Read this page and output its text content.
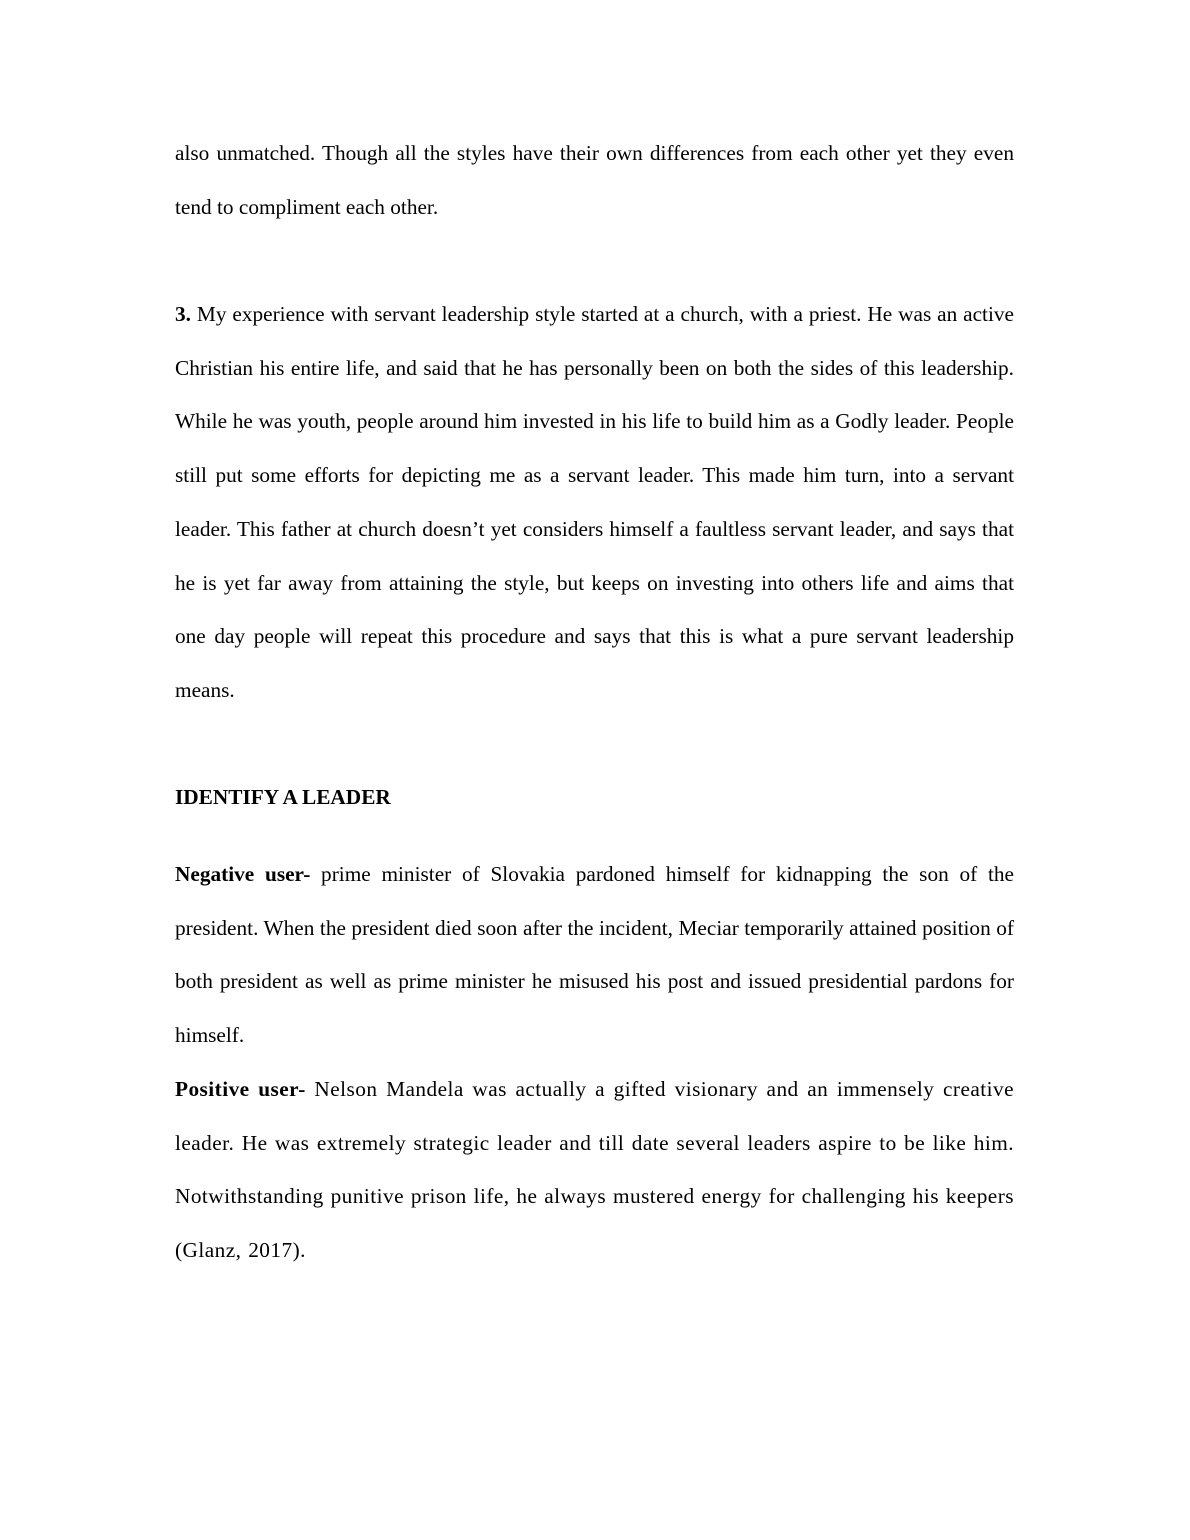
also unmatched. Though all the styles have their own differences from each other yet they even tend to compliment each other.

3. My experience with servant leadership style started at a church, with a priest. He was an active Christian his entire life, and said that he has personally been on both the sides of this leadership. While he was youth, people around him invested in his life to build him as a Godly leader. People still put some efforts for depicting me as a servant leader. This made him turn, into a servant leader. This father at church doesn’t yet considers himself a faultless servant leader, and says that he is yet far away from attaining the style, but keeps on investing into others life and aims that one day people will repeat this procedure and says that this is what a pure servant leadership means.

IDENTIFY A LEADER

Negative user- prime minister of Slovakia pardoned himself for kidnapping the son of the president. When the president died soon after the incident, Meciar temporarily attained position of both president as well as prime minister he misused his post and issued presidential pardons for himself.

Positive user- Nelson Mandela was actually a gifted visionary and an immensely creative leader. He was extremely strategic leader and till date several leaders aspire to be like him. Notwithstanding punitive prison life, he always mustered energy for challenging his keepers (Glanz, 2017).
